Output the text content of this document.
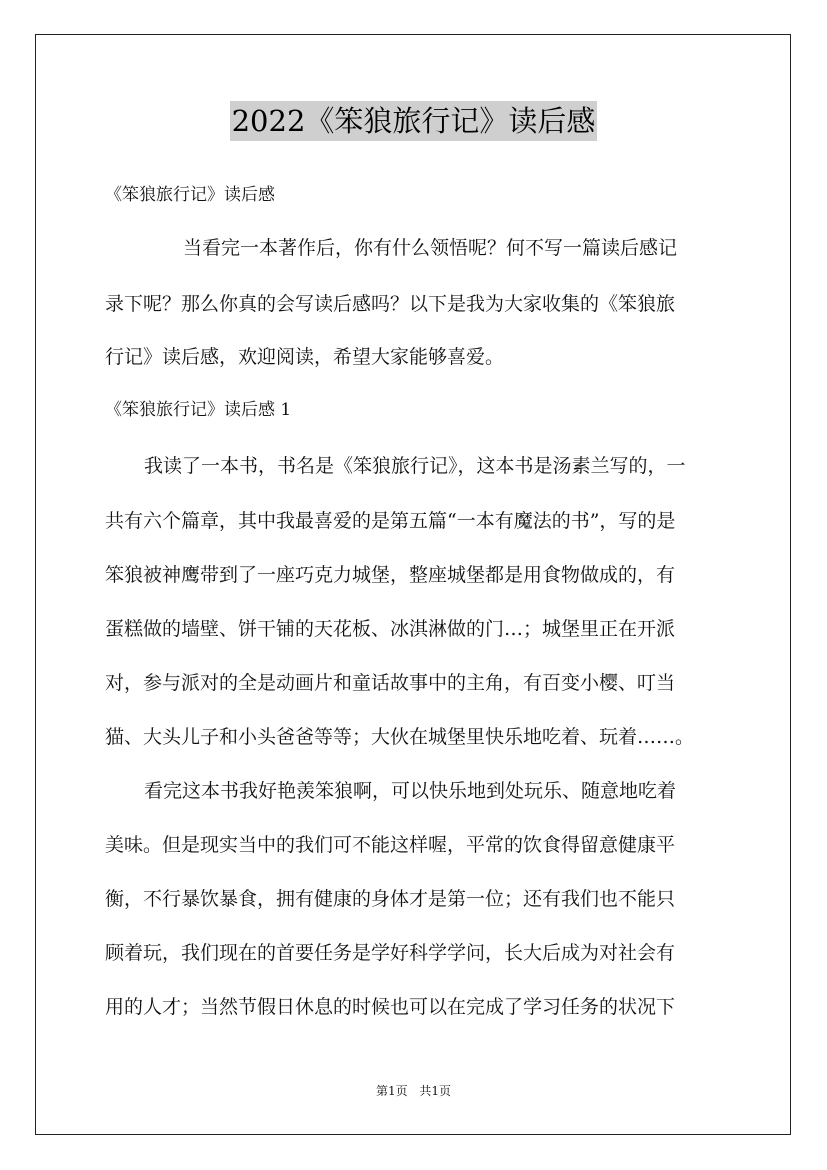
2022《笨狼旅行记》读后感
《笨狼旅行记》读后感
当看完一本著作后，你有什么领悟呢？何不写一篇读后感记
录下呢？那么你真的会写读后感吗？以下是我为大家收集的《笨狼旅
行记》读后感，欢迎阅读，希望大家能够喜爱。
《笨狼旅行记》读后感 1
我读了一本书，书名是《笨狼旅行记》，这本书是汤素兰写的，一
共有六个篇章，其中我最喜爱的是第五篇“一本有魔法的书”，写的是
笨狼被神鹰带到了一座巧克力城堡，整座城堡都是用食物做成的，有
蛋糕做的墙壁、饼干铺的天花板、冰淇淋做的门…；城堡里正在开派
对，参与派对的全是动画片和童话故事中的主角，有百变小樱、叮当
猫、大头儿子和小头爸爸等等；大伙在城堡里快乐地吃着、玩着……。
看完这本书我好艳羡笨狼啊，可以快乐地到处玩乐、随意地吃着
美味。但是现实当中的我们可不能这样喔，平常的饮食得留意健康平
衡，不行暴饮暴食，拥有健康的身体才是第一位；还有我们也不能只
顾着玩，我们现在的首要任务是学好科学学问，长大后成为对社会有
用的人才；当然节假日休息的时候也可以在完成了学习任务的状况下
第1页 共1页
